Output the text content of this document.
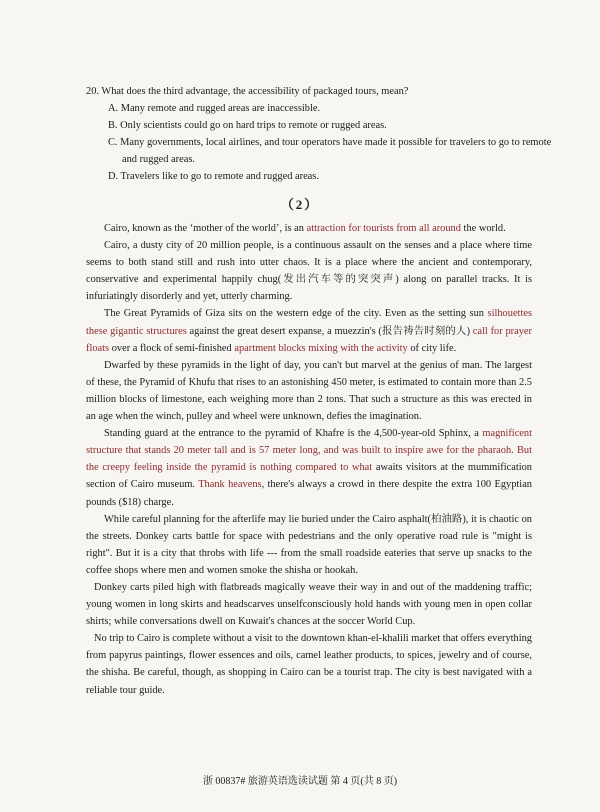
20. What does the third advantage, the accessibility of packaged tours, mean?

A. Many remote and rugged areas are inaccessible.

B. Only scientists could go on hard trips to remote or rugged areas.

C. Many governments, local airlines, and tour operators have made it possible for travelers to go to remote and rugged areas.

D. Travelers like to go to remote and rugged areas.

（2）

Cairo, known as the ‘mother of the world’, is an attraction for tourists from all around the world.

Cairo, a dusty city of 20 million people, is a continuous assault on the senses and a place where time seems to both stand still and rush into utter chaos. It is a place where the ancient and contemporary, conservative and experimental happily chug(发出汽车等的突突声) along on parallel tracks. It is infuriatingly disorderly and yet, utterly charming.

The Great Pyramids of Giza sits on the western edge of the city. Even as the setting sun silhouettes these gigantic structures against the great desert expanse, a muezzin's (报告祷告时刻的人) call for prayer floats over a flock of semi-finished apartment blocks mixing with the activity of city life.

Dwarfed by these pyramids in the light of day, you can't but marvel at the genius of man. The largest of these, the Pyramid of Khufu that rises to an astonishing 450 meter, is estimated to contain more than 2.5 million blocks of limestone, each weighing more than 2 tons. That such a structure as this was erected in an age when the winch, pulley and wheel were unknown, defies the imagination.

Standing guard at the entrance to the pyramid of Khafre is the 4,500-year-old Sphinx, a magnificent structure that stands 20 meter tall and is 57 meter long, and was built to inspire awe for the pharaoh. But the creepy feeling inside the pyramid is nothing compared to what awaits visitors at the mummification section of Cairo museum. Thank heavens, there's always a crowd in there despite the extra 100 Egyptian pounds ($18) charge.

While careful planning for the afterlife may lie buried under the Cairo asphalt(柏油路), it is chaotic on the streets. Donkey carts battle for space with pedestrians and the only operative road rule is "might is right". But it is a city that throbs with life --- from the small roadside eateries that serve up snacks to the coffee shops where men and women smoke the shisha or hookah.

Donkey carts piled high with flatbreads magically weave their way in and out of the maddening traffic; young women in long skirts and headscarves unselfconsciously hold hands with young men in open collar shirts; while conversations dwell on Kuwait's chances at the soccer World Cup.

No trip to Cairo is complete without a visit to the downtown khan-el-khalili market that offers everything from papyrus paintings, flower essences and oils, camel leather products, to spices, jewelry and of course, the shisha. Be careful, though, as shopping in Cairo can be a tourist trap. The city is best navigated with a reliable tour guide.

浙 00837# 旅游英语选读试题 第 4 页(共 8 页)
